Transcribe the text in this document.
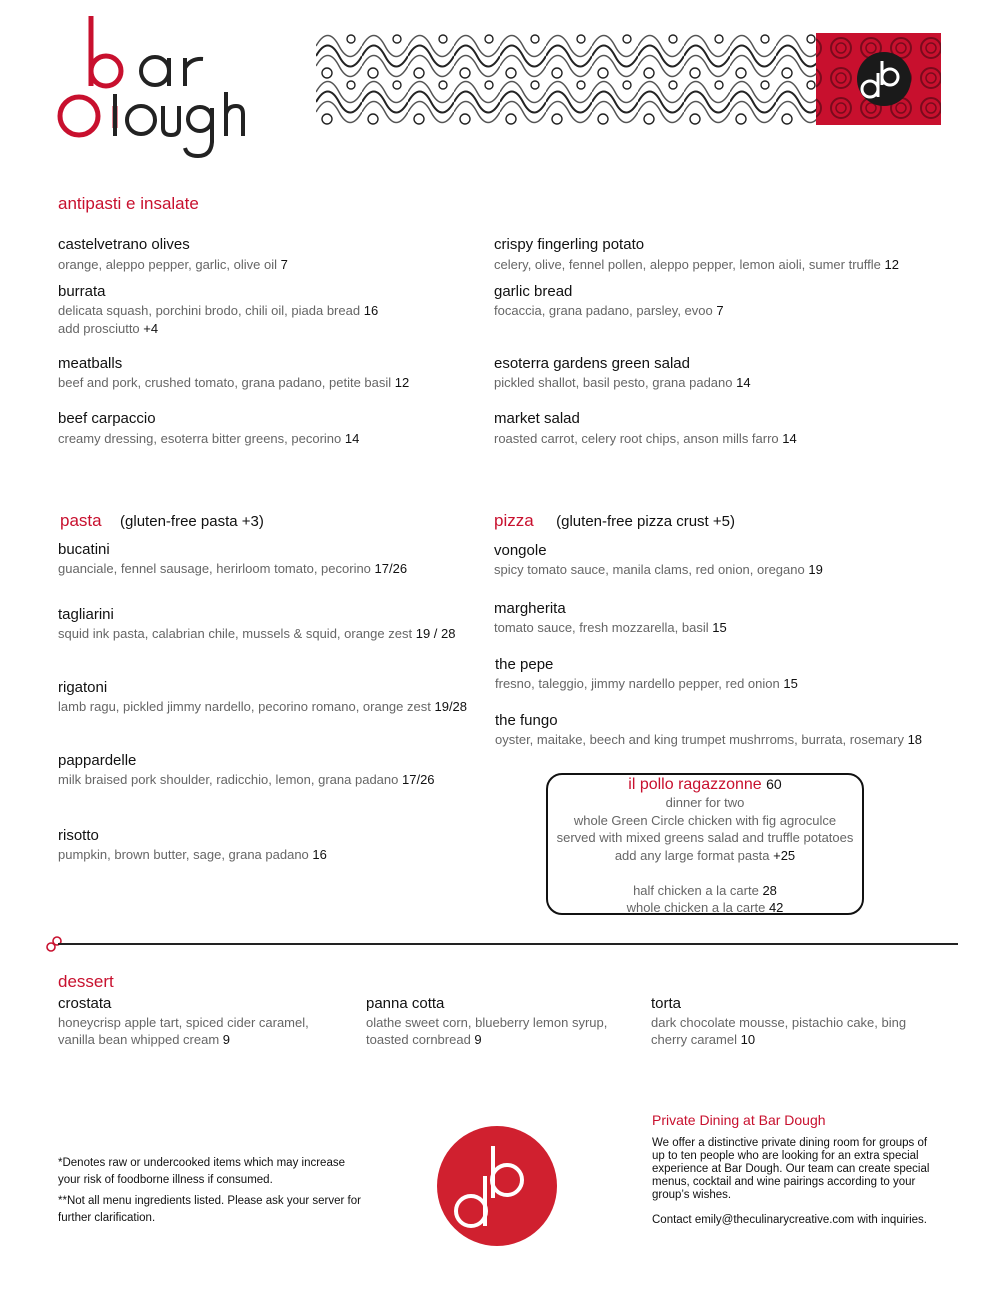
antipasti e insalate
castelvetrano olives
orange, aleppo pepper, garlic, olive oil 7
burrata
delicata squash, porchini brodo, chili oil, piada bread 16
add prosciutto +4
meatballs
beef and pork, crushed tomato, grana padano, petite basil 12
beef carpaccio
creamy dressing, esoterra bitter greens, pecorino 14
crispy fingerling potato
celery, olive, fennel pollen, aleppo pepper, lemon aioli, sumer truffle 12
garlic bread
focaccia, grana padano, parsley, evoo 7
esoterra gardens green salad
pickled shallot, basil pesto, grana padano 14
market salad
roasted carrot, celery root chips, anson mills farro 14
pasta (gluten-free pasta +3)
bucatini
guanciale, fennel sausage, herirloom tomato, pecorino 17/26
tagliarini
squid ink pasta, calabrian chile, mussels & squid, orange zest 19 / 28
rigatoni
lamb ragu, pickled jimmy nardello, pecorino romano, orange zest 19/28
pappardelle
milk braised pork shoulder, radicchio, lemon, grana padano 17/26
risotto
pumpkin, brown butter, sage, grana padano 16
pizza (gluten-free pizza crust +5)
vongole
spicy tomato sauce, manila clams, red onion, oregano 19
margherita
tomato sauce, fresh mozzarella, basil 15
the pepe
fresno, taleggio, jimmy nardello pepper, red onion 15
the fungo
oyster, maitake, beech and king trumpet mushrroms, burrata, rosemary 18
il pollo ragazzonne 60
dinner for two
whole Green Circle chicken with fig agroculce
served with mixed greens salad and truffle potatoes
add any large format pasta +25
half chicken a la carte 28
whole chicken a la carte 42
dessert
crostata
honeycrisp apple tart, spiced cider caramel,
vanilla bean whipped cream 9
panna cotta
olathe sweet corn, blueberry lemon syrup,
toasted cornbread 9
torta
dark chocolate mousse, pistachio cake, bing
cherry caramel 10
*Denotes raw or undercooked items which may increase
your risk of foodborne illness if consumed.
**Not all menu ingredients listed. Please ask your server for
further clarification.
Private Dining at Bar Dough
We offer a distinctive private dining room for groups of
up to ten people who are looking for an extra special
experience at Bar Dough. Our team can create special
menus, cocktail and wine pairings according to your
group’s wishes.
Contact emily@theculinarycreative.com with inquiries.
